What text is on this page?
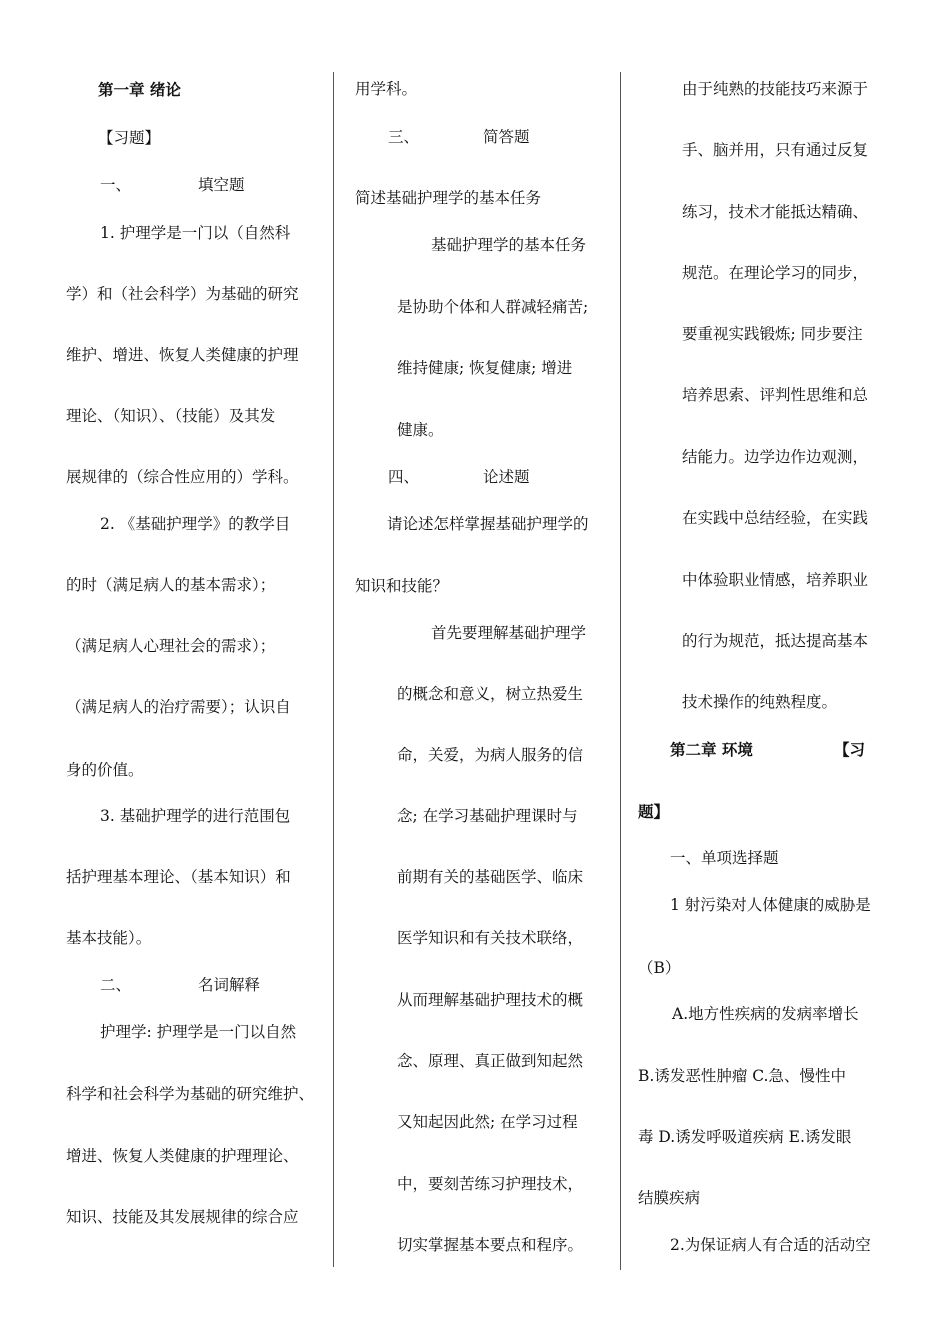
第一章 绪论
【习题】
一、	填空题
1. 护理学是一门以（自然科
学）和（社会科学）为基础的研究
维护、增进、恢复人类健康的护理
理论、（知识）、（技能）及其发
展规律的（综合性应用的）学科。
2. 《基础护理学》的教学目
的时（满足病人的基本需求）；
（满足病人心理社会的需求）；
（满足病人的治疗需要）；认识自
身的价值。
3. 基础护理学的进行范围包
括护理基本理论、（基本知识）和
基本技能）。
二、	名词解释
护理学: 护理学是一门以自然
科学和社会科学为基础的研究维护、
增进、恢复人类健康的护理理论、
知识、技能及其发展规律的综合应
用学科。
三、	简答题
简述基础护理学的基本任务
基础护理学的基本任务
是协助个体和人群减轻痛苦;
维持健康; 恢复健康; 增进
健康。
四、	论述题
请论述怎样掌握基础护理学的
知识和技能？
首先要理解基础护理学
的概念和意义，树立热爱生
命，关爱，为病人服务的信
念; 在学习基础护理课时与
前期有关的基础医学、临床
医学知识和有关技术联络，
从而理解基础护理技术的概
念、原理、真正做到知起然
又知起因此然; 在学习过程
中，要刻苦练习护理技术，
切实掌握基本要点和程序。
由于纯熟的技能技巧来源于
手、脑并用，只有通过反复
练习，技术才能抵达精确、
规范。在理论学习的同步，
要重视实践锻炼; 同步要注
培养思索、评判性思维和总
结能力。边学边作边观测，
在实践中总结经验，在实践
中体验职业情感，培养职业
的行为规范，抵达提高基本
技术操作的纯熟程度。
第二章 环境	【习
题】
一、单项选择题
1 射污染对人体健康的威胁是
（B）
A.地方性疾病的发病率增长
B.诱发恶性肿瘤 C.急、慢性中
毒 D.诱发呼吸道疾病 E.诱发眼
结膜疾病
2.为保证病人有合适的活动空
